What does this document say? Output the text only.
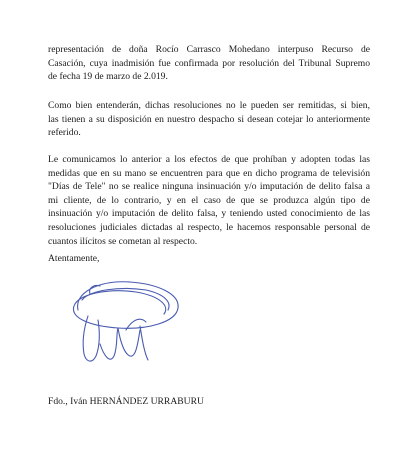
representación de doña Rocío Carrasco Mohedano interpuso Recurso de
Casación, cuya inadmisión fue confirmada por resolución del Tribunal Supremo
de fecha 19 de marzo de 2.019.

Como bien entenderán, dichas resoluciones no le pueden ser remitidas, si bien,
las tienen a su disposición en nuestro despacho si desean cotejar lo anteriormente
referido.

Le comunicamos lo anterior a los efectos de que prohíban y adopten todas las
medidas que en su mano se encuentren para que en dicho programa de televisión
"Días de Tele" no se realice ninguna insinuación y/o imputación de delito falsa a
mi cliente, de lo contrario, y en el caso de que se produzca algún tipo de
insinuación y/o imputación de delito falsa, y teniendo usted conocimiento de las
resoluciones judiciales dictadas al respecto, le hacemos responsable personal de
cuantos ilícitos se cometan al respecto.

Atentamente,

Fdo., Iván HERNÁNDEZ URRABURU
